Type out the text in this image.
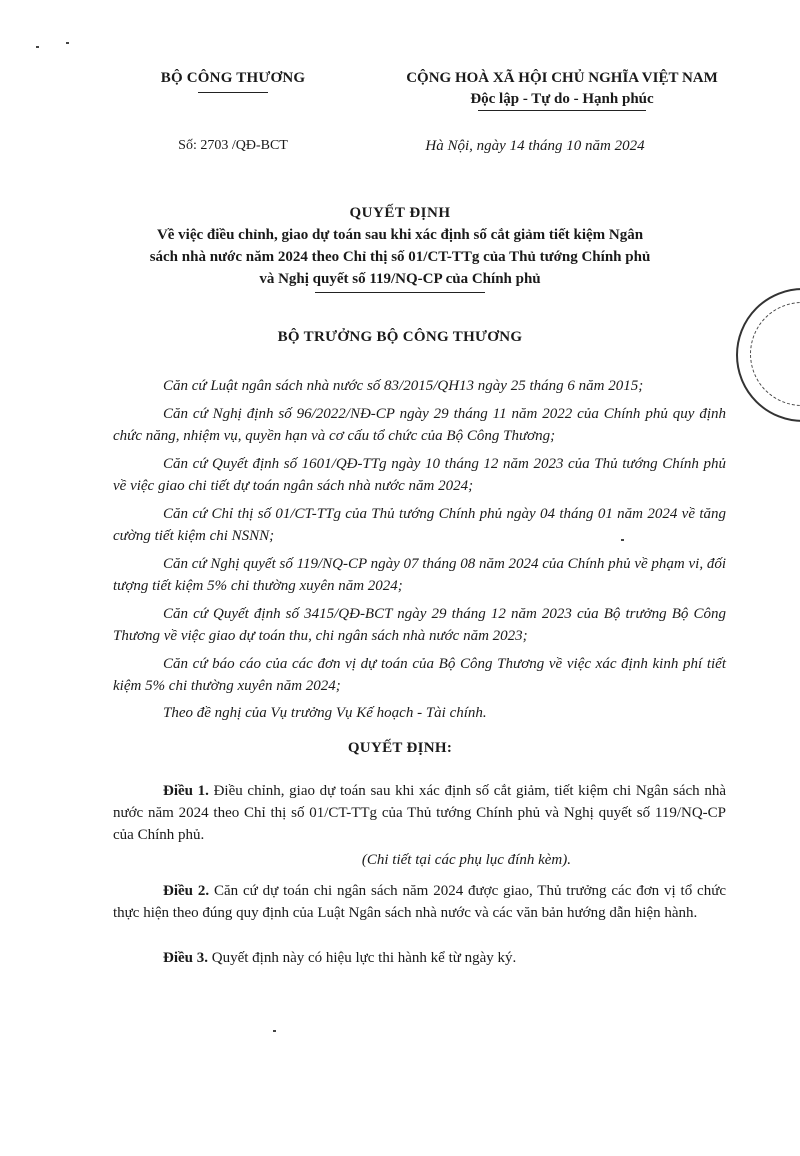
BỘ CÔNG THƯƠNG	CỘNG HOÀ XÃ HỘI CHỦ NGHĨA VIỆT NAM
Độc lập - Tự do - Hạnh phúc
Số: 2703 /QĐ-BCT	Hà Nội, ngày 14 tháng 10 năm 2024
QUYẾT ĐỊNH
Về việc điều chỉnh, giao dự toán sau khi xác định số cắt giảm tiết kiệm Ngân
sách nhà nước năm 2024 theo Chỉ thị số 01/CT-TTg của Thủ tướng Chính phủ
và Nghị quyết số 119/NQ-CP của Chính phủ
BỘ TRƯỞNG BỘ CÔNG THƯƠNG

Căn cứ Luật ngân sách nhà nước số 83/2015/QH13 ngày 25 tháng 6 năm 2015;

Căn cứ Nghị định số 96/2022/NĐ-CP ngày 29 tháng 11 năm 2022 của Chính phủ quy định chức năng, nhiệm vụ, quyền hạn và cơ cấu tổ chức của Bộ Công Thương;

Căn cứ Quyết định số 1601/QĐ-TTg ngày 10 tháng 12 năm 2023 của Thủ tướng Chính phủ về việc giao chi tiết dự toán ngân sách nhà nước năm 2024;

Căn cứ Chỉ thị số 01/CT-TTg của Thủ tướng Chính phủ ngày 04 tháng 01 năm 2024 về tăng cường tiết kiệm chi NSNN;

Căn cứ Nghị quyết số 119/NQ-CP ngày 07 tháng 08 năm 2024 của Chính phủ về phạm vi, đối tượng tiết kiệm 5% chi thường xuyên năm 2024;

Căn cứ Quyết định số 3415/QĐ-BCT ngày 29 tháng 12 năm 2023 của Bộ trưởng Bộ Công Thương về việc giao dự toán thu, chi ngân sách nhà nước năm 2023;

Căn cứ báo cáo của các đơn vị dự toán của Bộ Công Thương về việc xác định kinh phí tiết kiệm 5% chi thường xuyên năm 2024;

Theo đề nghị của Vụ trưởng Vụ Kế hoạch - Tài chính.

QUYẾT ĐỊNH:

Điều 1. Điều chỉnh, giao dự toán sau khi xác định số cắt giảm, tiết kiệm chi Ngân sách nhà nước năm 2024 theo Chỉ thị số 01/CT-TTg của Thủ tướng Chính phủ và Nghị quyết số 119/NQ-CP của Chính phủ.

(Chi tiết tại các phụ lục đính kèm).

Điều 2. Căn cứ dự toán chi ngân sách năm 2024 được giao, Thủ trưởng các đơn vị tổ chức thực hiện theo đúng quy định của Luật Ngân sách nhà nước và các văn bản hướng dẫn hiện hành.

Điều 3. Quyết định này có hiệu lực thi hành kể từ ngày ký.
